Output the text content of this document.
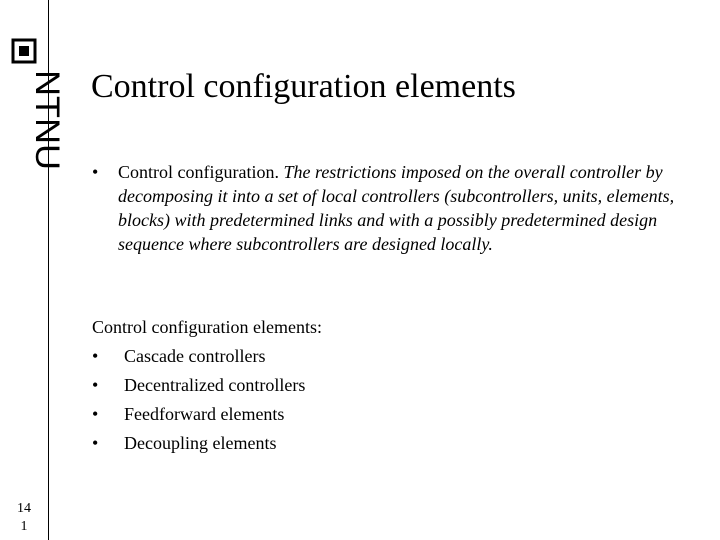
NTNU
14
1
Control configuration elements
• Control configuration. The restrictions imposed on the overall controller by decomposing it into a set of local controllers (subcontrollers, units, elements, blocks) with predetermined links and with a possibly predetermined design sequence where subcontrollers are designed locally.
Control configuration elements:
•	Cascade controllers
•	Decentralized controllers
•	Feedforward elements
•	Decoupling elements
